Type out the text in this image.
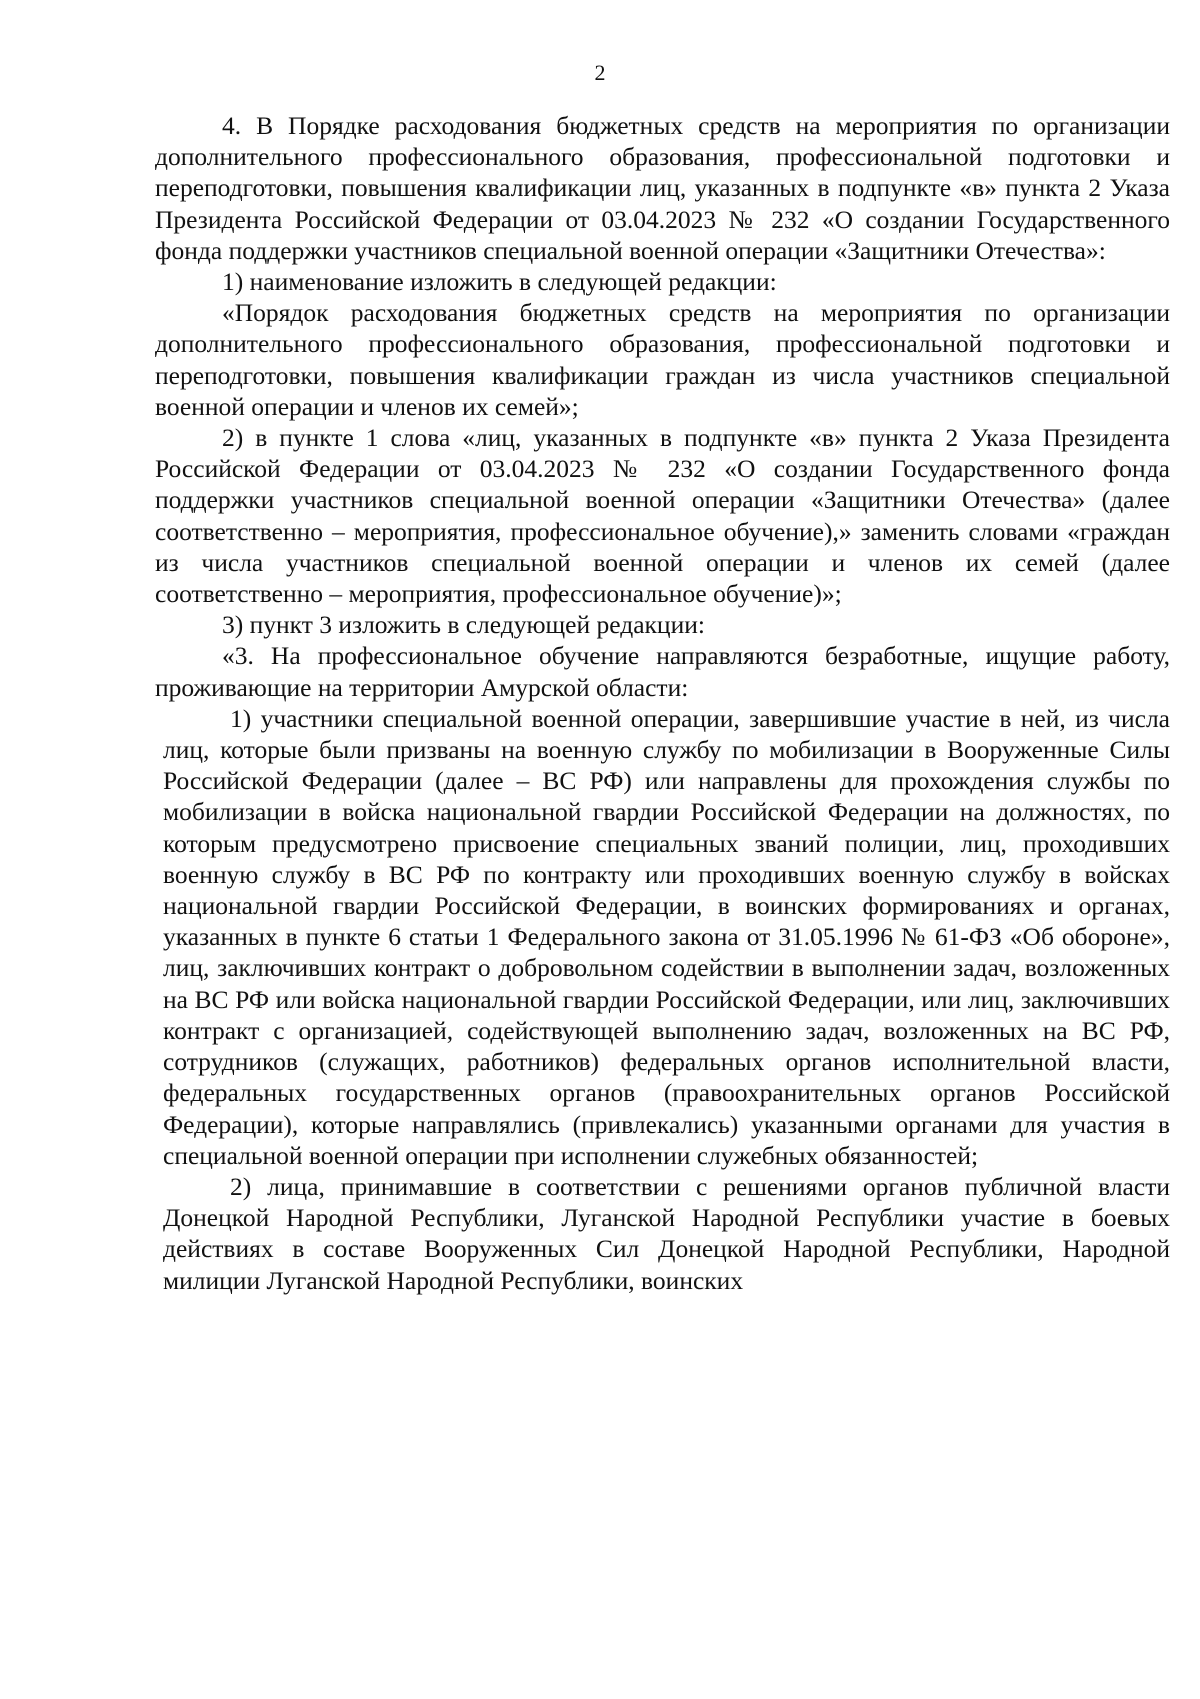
2

4. В Порядке расходования бюджетных средств на мероприятия по организации дополнительного профессионального образования, профессиональной подготовки и переподготовки, повышения квалификации лиц, указанных в подпункте «в» пункта 2 Указа Президента Российской Федерации от 03.04.2023 № 232 «О создании Государственного фонда поддержки участников специальной военной операции «Защитники Отечества»:

1) наименование изложить в следующей редакции:

«Порядок расходования бюджетных средств на мероприятия по организации дополнительного профессионального образования, профессиональной подготовки и переподготовки, повышения квалификации граждан из числа участников специальной военной операции и членов их семей»;

2) в пункте 1 слова «лиц, указанных в подпункте «в» пункта 2 Указа Президента Российской Федерации от 03.04.2023 № 232 «О создании Государственного фонда поддержки участников специальной военной операции «Защитники Отечества» (далее соответственно – мероприятия, профессиональное обучение),» заменить словами «граждан из числа участников специальной военной операции и членов их семей (далее соответственно – мероприятия, профессиональное обучение)»;

3) пункт 3 изложить в следующей редакции:

«3. На профессиональное обучение направляются безработные, ищущие работу, проживающие на территории Амурской области:

1) участники специальной военной операции, завершившие участие в ней, из числа лиц, которые были призваны на военную службу по мобилизации в Вооруженные Силы Российской Федерации (далее – ВС РФ) или направлены для прохождения службы по мобилизации в войска национальной гвардии Российской Федерации на должностях, по которым предусмотрено присвоение специальных званий полиции, лиц, проходивших военную службу в ВС РФ по контракту или проходивших военную службу в войсках национальной гвардии Российской Федерации, в воинских формированиях и органах, указанных в пункте 6 статьи 1 Федерального закона от 31.05.1996 № 61-ФЗ «Об обороне», лиц, заключивших контракт о добровольном содействии в выполнении задач, возложенных на ВС РФ или войска национальной гвардии Российской Федерации, или лиц, заключивших контракт с организацией, содействующей выполнению задач, возложенных на ВС РФ, сотрудников (служащих, работников) федеральных органов исполнительной власти, федеральных государственных органов (правоохранительных органов Российской Федерации), которые направлялись (привлекались) указанными органами для участия в специальной военной операции при исполнении служебных обязанностей;

2) лица, принимавшие в соответствии с решениями органов публичной власти Донецкой Народной Республики, Луганской Народной Республики участие в боевых действиях в составе Вооруженных Сил Донецкой Народной Республики, Народной милиции Луганской Народной Республики, воинских
